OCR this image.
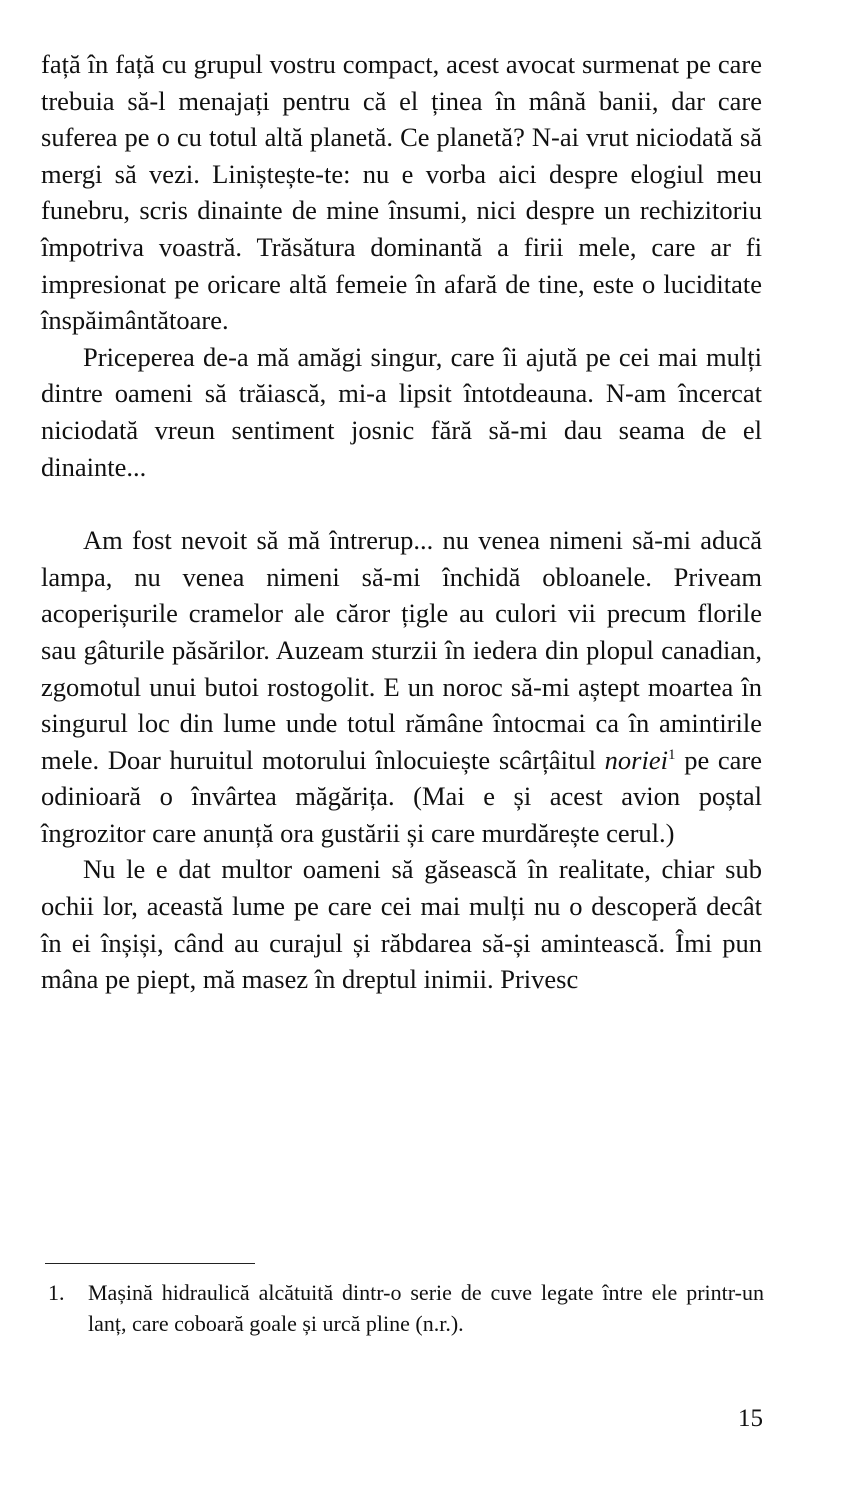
față în față cu grupul vostru compact, acest avocat surmenat pe care trebuia să-l menajați pentru că el ținea în mână banii, dar care suferea pe o cu totul altă planetă. Ce planetă? N-ai vrut niciodată să mergi să vezi. Liniștește-te: nu e vorba aici despre elogiul meu funebru, scris dinainte de mine însumi, nici despre un rechizitoriu împotriva voastră. Trăsătura dominantă a firii mele, care ar fi impresionat pe oricare altă femeie în afară de tine, este o luciditate înspăimântătoare.

Priceperea de-a mă amăgi singur, care îi ajută pe cei mai mulți dintre oameni să trăiască, mi-a lipsit întotdeauna. N-am încercat niciodată vreun sentiment josnic fără să-mi dau seama de el dinainte...

Am fost nevoit să mă întrerup... nu venea nimeni să-mi aducă lampa, nu venea nimeni să-mi închidă obloanele. Priveam acoperișurile cramelor ale căror țigle au culori vii precum florile sau gâturile păsărilor. Auzeam sturzii în iedera din plopul canadian, zgomotul unui butoi rostogolit. E un noroc să-mi aștept moartea în singurul loc din lume unde totul rămâne întocmai ca în amintirile mele. Doar huruitul motorului înlocuiește scârțâitul noriei$^1$ pe care odinioară o învârtea măgărița. (Mai e și acest avion poștal îngrozitor care anunță ora gustării și care murdărește cerul.)

Nu le e dat multor oameni să găsească în realitate, chiar sub ochii lor, această lume pe care cei mai mulți nu o descoperă decât în ei înșiși, când au curajul și răbdarea să-și amintească. Îmi pun mâna pe piept, mă masez în dreptul inimii. Privesc

1. Mașină hidraulică alcătuită dintr-o serie de cuve legate între ele printr-un lanț, care coboară goale și urcă pline (n.r.).
15
